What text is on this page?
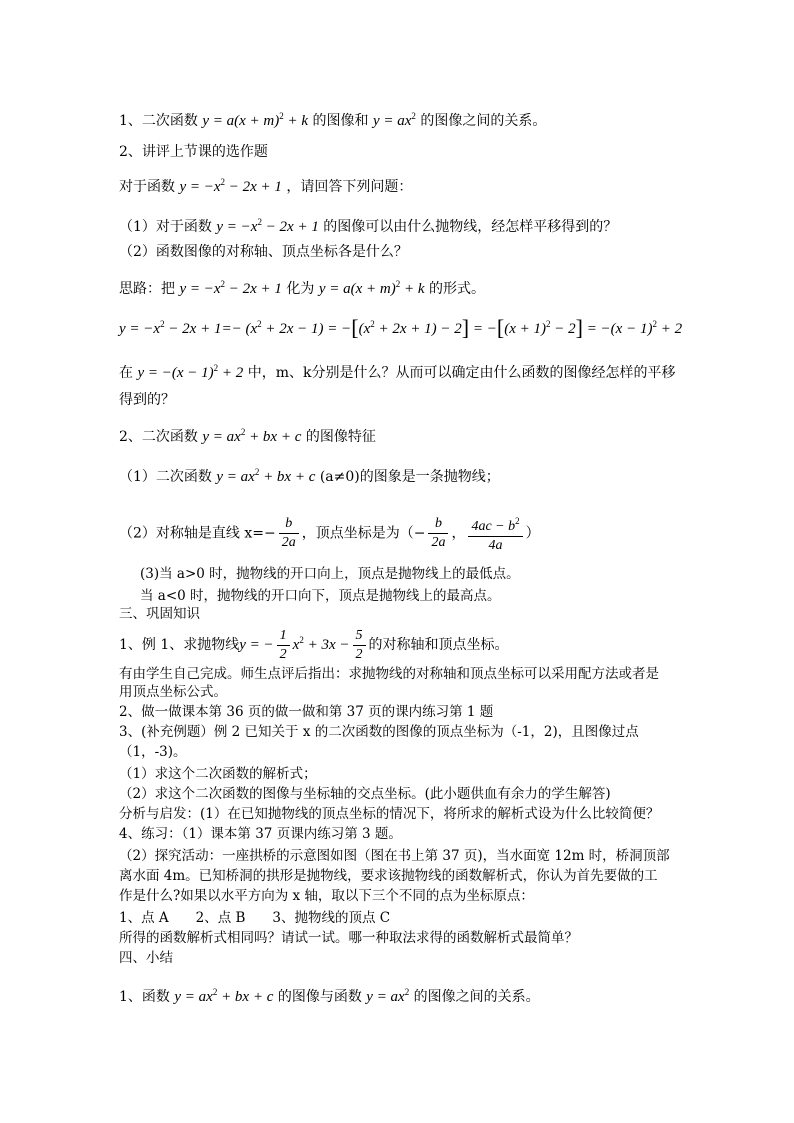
1、二次函数 $y = a(x + m)^2 + k$ 的图像和 $y = ax^2$ 的图像之间的关系。
2、讲评上节课的选作题
对于函数 $y = -x^2 - 2x + 1$ ，请回答下列问题：
（1）对于函数 $y = -x^2 - 2x + 1$ 的图像可以由什么抛物线，经怎样平移得到的？
（2）函数图像的对称轴、顶点坐标各是什么？
思路：把 $y = -x^2 - 2x + 1$ 化为 $y = a(x + m)^2 + k$ 的形式。
$y = -x^2 - 2x + 1=- (x^2 + 2x - 1) = -[(x^2 + 2x + 1) - 2] = -[(x + 1)^2 - 2] = -(x - 1)^2 + 2$
在 $y = -(x - 1)^2 + 2$ 中，m、k分别是什么？从而可以确定由什么函数的图像经怎样的平移
得到的？
2、二次函数 $y = ax^2$ + bx + c 的图像特征
（1）二次函数 $y = ax^2$ + bx + c (a≠0)的图象是一条抛物线；
（2）对称轴是直线 $x=- \frac{b}{2a}$ ，顶点坐标是为（− $\frac{b}{2a}$ ， $\frac{4ac - b^2}{4a}$ ）
(3)当 a>0 时，抛物线的开口向上，顶点是抛物线上的最低点。
当 a<0 时，抛物线的开口向下，顶点是抛物线上的最高点。
三、巩固知识
1、例 1、求抛物线y = − $\frac{1}{2} x^2 + 3x - \frac{5}{2}$ 的对称轴和顶点坐标。
有由学生自己完成。师生点评后指出：求抛物线的对称轴和顶点坐标可以采用配方法或者是
用顶点坐标公式。
2、做一做课本第 36 页的做一做和第 37 页的课内练习第 1 题
3、(补充例题）例 2 已知关于 x 的二次函数的图像的顶点坐标为（-1，2)，且图像过点
（1，-3)。
（1）求这个二次函数的解析式；
（2）求这个二次函数的图像与坐标轴的交点坐标。(此小题供血有余力的学生解答)
分析与启发：(1）在已知抛物线的顶点坐标的情况下，将所求的解析式设为什么比较简便？
4、练习：（1）课本第 37 页课内练习第 3 题。
（2）探究活动：一座拱桥的示意图如图（图在书上第 37 页)，当水面宽 12m 时，桥洞顶部
离水面 4m。已知桥洞的拱形是抛物线，要求该抛物线的函数解析式，你认为首先要做的工
作是什么?如果以水平方向为 x 轴，取以下三个不同的点为坐标原点：
1、点 A　　2、点 B　　3、抛物线的顶点 C
所得的函数解析式相同吗？请试一试。哪一种取法求得的函数解析式最简单？
四、小结
1、函数 $y = ax^2$ + bx + c 的图像与函数 $y = ax^2$ 的图像之间的关系。
